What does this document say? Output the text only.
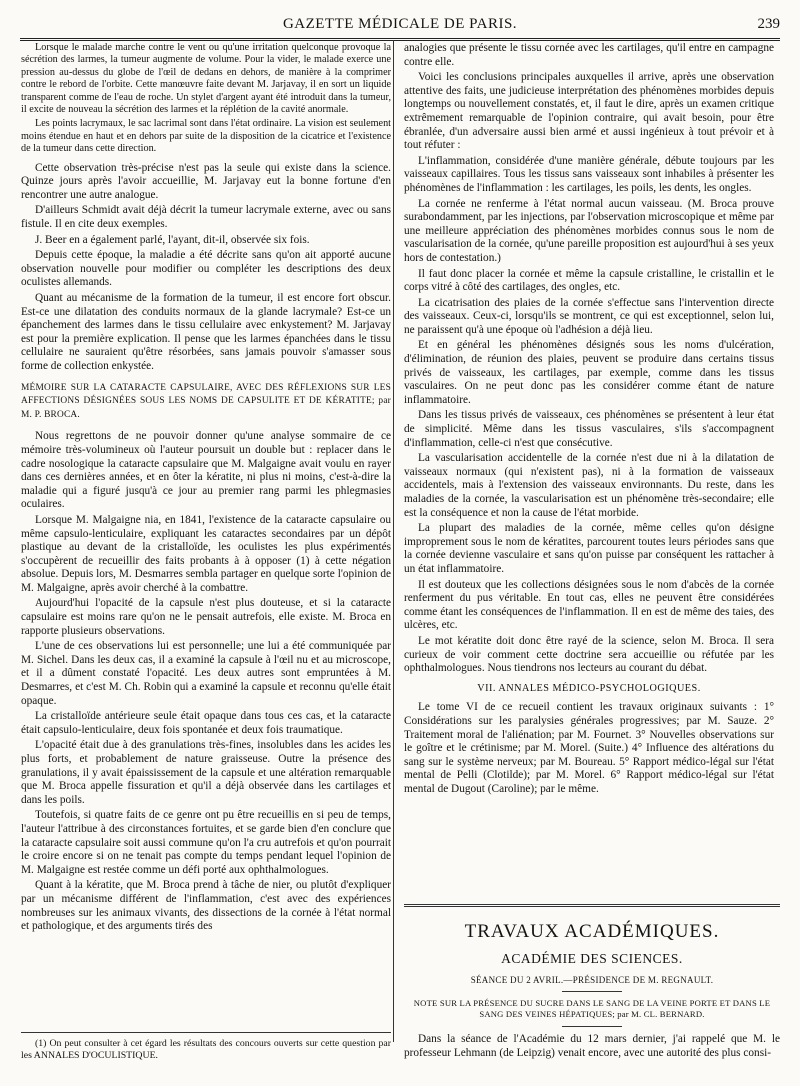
GAZETTE MÉDICALE DE PARIS.	239

Lorsque le malade marche contre le vent ou qu'une irritation quelconque provoque la sécrétion des larmes, la tumeur augmente de volume. Pour la vider, le malade exerce une pression au-dessus du globe de l'œil de dedans en dehors, de manière à la comprimer contre le rebord de l'orbite. Cette manœuvre faite devant M. Jarjavay, il en sort un liquide transparent comme de l'eau de roche. Un stylet d'argent ayant été introduit dans la tumeur, il excite de nouveau la sécrétion des larmes et la réplétion de la cavité anormale.

Les points lacrymaux, le sac lacrimal sont dans l'état ordinaire. La vision est seulement moins étendue en haut et en dehors par suite de la disposition de la cicatrice et l'existence de la tumeur dans cette direction.

Cette observation très-précise n'est pas la seule qui existe dans la science. Quinze jours après l'avoir accueillie, M. Jarjavay eut la bonne fortune d'en rencontrer une autre analogue.

D'ailleurs Schmidt avait déjà décrit la tumeur lacrymale externe, avec ou sans fistule. Il en cite deux exemples.

J. Beer en a également parlé, l'ayant, dit-il, observée six fois.

Depuis cette époque, la maladie a été décrite sans qu'on ait apporté aucune observation nouvelle pour modifier ou compléter les descriptions des deux oculistes allemands.

Quant au mécanisme de la formation de la tumeur, il est encore fort obscur. Est-ce une dilatation des conduits normaux de la glande lacrymale? Est-ce un épanchement des larmes dans le tissu cellulaire avec enkystement? M. Jarjavay est pour la première explication. Il pense que les larmes épanchées dans le tissu cellulaire ne sauraient qu'être résorbées, sans jamais pouvoir s'amasser sous forme de collection enkystée.

MÉMOIRE SUR LA CATARACTE CAPSULAIRE, AVEC DES RÉFLEXIONS SUR LES AFFECTIONS DÉSIGNÉES SOUS LES NOMS DE CAPSULITE ET DE KÉRATITE; par M. P. BROCA.

Nous regrettons de ne pouvoir donner qu'une analyse sommaire de ce mémoire très-volumineux où l'auteur poursuit un double but : replacer dans le cadre nosologique la cataracte capsulaire que M. Malgaigne avait voulu en rayer dans ces dernières années, et en ôter la kératite, ni plus ni moins, c'est-à-dire la maladie qui a figuré jusqu'à ce jour au premier rang parmi les phlegmasies oculaires.

Lorsque M. Malgaigne nia, en 1841, l'existence de la cataracte capsulaire ou même capsulo-lenticulaire, expliquant les cataractes secondaires par un dépôt plastique au devant de la cristalloïde, les oculistes les plus expérimentés s'occupèrent de recueillir des faits probants à à opposer (1) à cette négation absolue. Depuis lors, M. Desmarres sembla partager en quelque sorte l'opinion de M. Malgaigne, après avoir cherché à la combattre.

Aujourd'hui l'opacité de la capsule n'est plus douteuse, et si la cataracte capsulaire est moins rare qu'on ne le pensait autrefois, elle existe. M. Broca en rapporte plusieurs observations.

L'une de ces observations lui est personnelle; une lui a été communiquée par M. Sichel. Dans les deux cas, il a examiné la capsule à l'œil nu et au microscope, et il a dûment constaté l'opacité. Les deux autres sont empruntées à M. Desmarres, et c'est M. Ch. Robin qui a examiné la capsule et reconnu qu'elle était opaque.

La cristalloïde antérieure seule était opaque dans tous ces cas, et la cataracte était capsulo-lenticulaire, deux fois spontanée et deux fois traumatique.

L'opacité était due à des granulations très-fines, insolubles dans les acides les plus forts, et probablement de nature graisseuse. Outre la présence des granulations, il y avait épaississement de la capsule et une altération remarquable que M. Broca appelle fissuration et qu'il a déjà observée dans les cartilages et dans les poils.

Toutefois, si quatre faits de ce genre ont pu être recueillis en si peu de temps, l'auteur l'attribue à des circonstances fortuites, et se garde bien d'en conclure que la cataracte capsulaire soit aussi commune qu'on l'a cru autrefois et qu'on pourrait le croire encore si on ne tenait pas compte du temps pendant lequel l'opinion de M. Malgaigne est restée comme un défi porté aux ophthalmologues.

Quant à la kératite, que M. Broca prend à tâche de nier, ou plutôt d'expliquer par un mécanisme différent de l'inflammation, c'est avec des expériences nombreuses sur les animaux vivants, des dissections de la cornée à l'état normal et pathologique, et des arguments tirés des

(1) On peut consulter à cet égard les résultats des concours ouverts sur cette question par les ANNALES D'OCULISTIQUE.

analogies que présente le tissu cornée avec les cartilages, qu'il entre en campagne contre elle.

Voici les conclusions principales auxquelles il arrive, après une observation attentive des faits, une judicieuse interprétation des phénomènes morbides depuis longtemps ou nouvellement constatés, et, il faut le dire, après un examen critique extrêmement remarquable de l'opinion contraire, qui avait besoin, pour être ébranlée, d'un adversaire aussi bien armé et aussi ingénieux à tout prévoir et à tout réfuter :

L'inflammation, considérée d'une manière générale, débute toujours par les vaisseaux capillaires. Tous les tissus sans vaisseaux sont inhabiles à présenter les phénomènes de l'inflammation : les cartilages, les poils, les dents, les ongles.

La cornée ne renferme à l'état normal aucun vaisseau. (M. Broca prouve surabondamment, par les injections, par l'observation microscopique et même par une meilleure appréciation des phénomènes morbides connus sous le nom de vascularisation de la cornée, qu'une pareille proposition est aujourd'hui à ses yeux hors de contestation.)

Il faut donc placer la cornée et même la capsule cristalline, le cristallin et le corps vitré à côté des cartilages, des ongles, etc.

La cicatrisation des plaies de la cornée s'effectue sans l'intervention directe des vaisseaux. Ceux-ci, lorsqu'ils se montrent, ce qui est exceptionnel, selon lui, ne paraissent qu'à une époque où l'adhésion a déjà lieu.

Et en général les phénomènes désignés sous les noms d'ulcération, d'élimination, de réunion des plaies, peuvent se produire dans certains tissus privés de vaisseaux, les cartilages, par exemple, comme dans les tissus vasculaires. On ne peut donc pas les considérer comme étant de nature inflammatoire.

Dans les tissus privés de vaisseaux, ces phénomènes se présentent à leur état de simplicité. Même dans les tissus vasculaires, s'ils s'accompagnent d'inflammation, celle-ci n'est que consécutive.

La vascularisation accidentelle de la cornée n'est due ni à la dilatation de vaisseaux normaux (qui n'existent pas), ni à la formation de vaisseaux accidentels, mais à l'extension des vaisseaux environnants. Du reste, dans les maladies de la cornée, la vascularisation est un phénomène très-secondaire; elle est la conséquence et non la cause de l'état morbide.

La plupart des maladies de la cornée, même celles qu'on désigne improprement sous le nom de kératites, parcourent toutes leurs périodes sans que la cornée devienne vasculaire et sans qu'on puisse par conséquent les rattacher à un état inflammatoire.

Il est douteux que les collections désignées sous le nom d'abcès de la cornée renferment du pus véritable. En tout cas, elles ne peuvent être considérées comme étant les conséquences de l'inflammation. Il en est de même des taies, des ulcères, etc.

Le mot kératite doit donc être rayé de la science, selon M. Broca. Il sera curieux de voir comment cette doctrine sera accueillie ou réfutée par les ophthalmologues. Nous tiendrons nos lecteurs au courant du débat.

VII. ANNALES MÉDICO-PSYCHOLOGIQUES.

Le tome VI de ce recueil contient les travaux originaux suivants : 1° Considérations sur les paralysies générales progressives; par M. Sauze. 2° Traitement moral de l'aliénation; par M. Fournet. 3° Nouvelles observations sur le goître et le crétinisme; par M. Morel. (Suite.) 4° Influence des altérations du sang sur le système nerveux; par M. Boureau. 5° Rapport médico-légal sur l'état mental de Pelli (Clotilde); par M. Morel. 6° Rapport médico-légal sur l'état mental de Dugout (Caroline); par le même.

TRAVAUX ACADÉMIQUES.
ACADÉMIE DES SCIENCES.
SÉANCE DU 2 AVRIL.—PRÉSIDENCE DE M. REGNAULT.
NOTE SUR LA PRÉSENCE DU SUCRE DANS LE SANG DE LA VEINE PORTE ET DANS LE SANG DES VEINES HÉPATIQUES; par M. CL. BERNARD.

Dans la séance de l'Académie du 12 mars dernier, j'ai rappelé que M. le professeur Lehmann (de Leipzig) venait encore, avec une autorité des plus consi-
